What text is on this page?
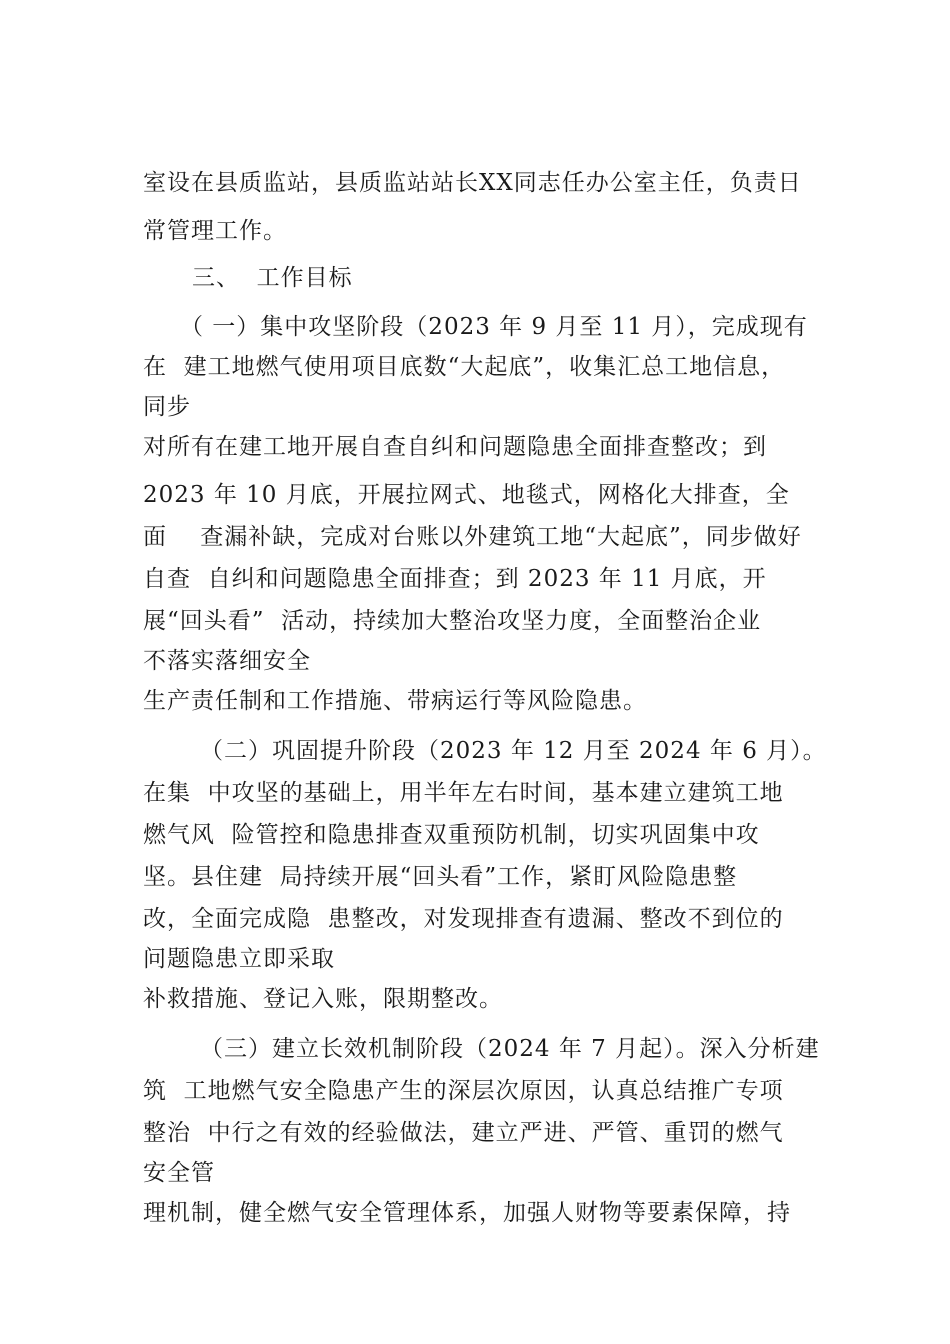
室设在县质监站，县质监站站长XX同志任办公室主任，负责日
常管理工作。
三、  工作目标
（ 一）集中攻坚阶段（2023 年 9 月至 11 月），完成现有
在  建工地燃气使用项目底数“大起底”，收集汇总工地信息，
同步
对所有在建工地开展自查自纠和问题隐患全面排查整改；到
2023 年 10 月底，开展拉网式、地毯式，网格化大排查，全
面    查漏补缺，完成对台账以外建筑工地“大起底”，同步做好
自查  自纠和问题隐患全面排查；到 2023 年 11 月底，开
展“回头看”  活动，持续加大整治攻坚力度，全面整治企业
不落实落细安全
生产责任制和工作措施、带病运行等风险隐患。
（二）巩固提升阶段（2023 年 12 月至 2024 年 6 月）。
在集  中攻坚的基础上，用半年左右时间，基本建立建筑工地
燃气风  险管控和隐患排查双重预防机制，切实巩固集中攻
坚。县住建  局持续开展“回头看”工作，紧盯风险隐患整
改，全面完成隐  患整改，对发现排查有遗漏、整改不到位的
问题隐患立即采取
补救措施、登记入账，限期整改。
（三）建立长效机制阶段（2024 年 7 月起）。深入分析建
筑  工地燃气安全隐患产生的深层次原因，认真总结推广专项
整治  中行之有效的经验做法，建立严进、严管、重罚的燃气
安全管
理机制，健全燃气安全管理体系，加强人财物等要素保障，持
